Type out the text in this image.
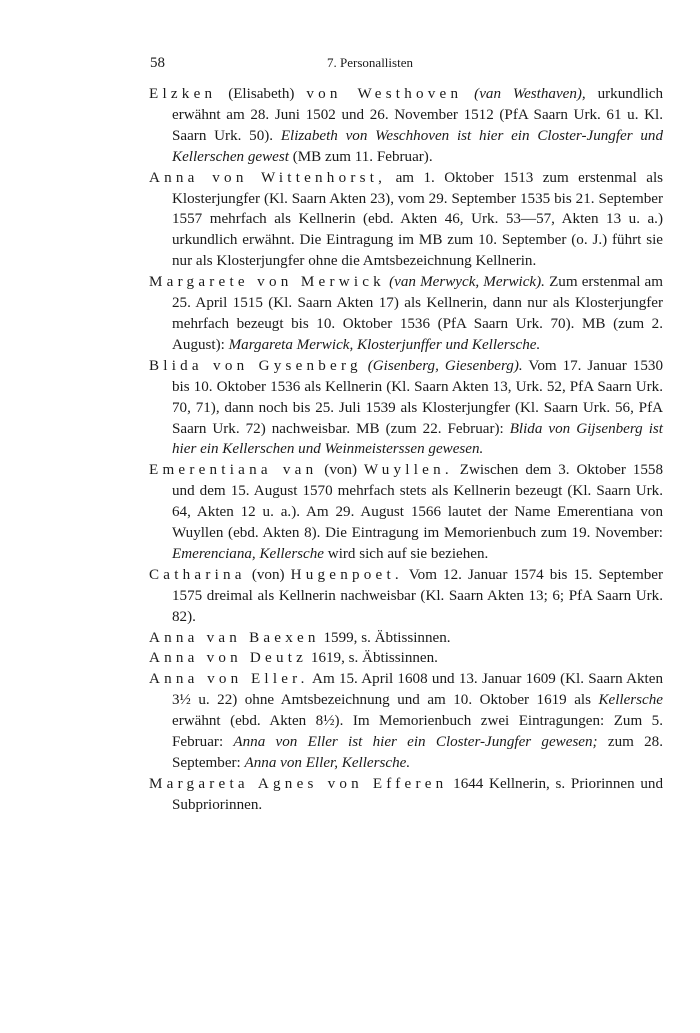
58	7. Personallisten

Elzken (Elisabeth) von Westhoven (van Westhaven), urkundlich erwähnt am 28. Juni 1502 und 26. November 1512 (PfA Saarn Urk. 61 u. Kl. Saarn Urk. 50). Elizabeth von Weschhoven ist hier ein Closter-Jungfer und Kellerschen gewest (MB zum 11. Februar).

Anna von Wittenhorst, am 1. Oktober 1513 zum erstenmal als Klosterjungfer (Kl. Saarn Akten 23), vom 29. September 1535 bis 21. September 1557 mehrfach als Kellnerin (ebd. Akten 46, Urk. 53—57, Akten 13 u. a.) urkundlich erwähnt. Die Eintragung im MB zum 10. September (o. J.) führt sie nur als Klosterjungfer ohne die Amtsbezeichnung Kellnerin.

Margarete von Merwick (van Merwyck, Merwick). Zum erstenmal am 25. April 1515 (Kl. Saarn Akten 17) als Kellnerin, dann nur als Klosterjungfer mehrfach bezeugt bis 10. Oktober 1536 (PfA Saarn Urk. 70). MB (zum 2. August): Margareta Merwick, Klosterjunffer und Kellersche.

Blida von Gysenberg (Gisenberg, Giesenberg). Vom 17. Januar 1530 bis 10. Oktober 1536 als Kellnerin (Kl. Saarn Akten 13, Urk. 52, PfA Saarn Urk. 70, 71), dann noch bis 25. Juli 1539 als Klosterjungfer (Kl. Saarn Urk. 56, PfA Saarn Urk. 72) nachweisbar. MB (zum 22. Februar): Blida von Gijsenberg ist hier ein Kellerschen und Weinmeisterssen gewesen.

Emerentiana van (von) Wuyllen. Zwischen dem 3. Oktober 1558 und dem 15. August 1570 mehrfach stets als Kellnerin bezeugt (Kl. Saarn Urk. 64, Akten 12 u. a.). Am 29. August 1566 lautet der Name Emerentiana von Wuyllen (ebd. Akten 8). Die Eintragung im Memorienbuch zum 19. November: Emerenciana, Kellersche wird sich auf sie beziehen.

Catharina (von) Hugenpoet. Vom 12. Januar 1574 bis 15. September 1575 dreimal als Kellnerin nachweisbar (Kl. Saarn Akten 13; 6; PfA Saarn Urk. 82).

Anna van Baexen 1599, s. Äbtissinnen.

Anna von Deutz 1619, s. Äbtissinnen.

Anna von Eller. Am 15. April 1608 und 13. Januar 1609 (Kl. Saarn Akten 3½ u. 22) ohne Amtsbezeichnung und am 10. Oktober 1619 als Kellersche erwähnt (ebd. Akten 8½). Im Memorienbuch zwei Eintragungen: Zum 5. Februar: Anna von Eller ist hier ein Closter-Jungfer gewesen; zum 28. September: Anna von Eller, Kellersche.

Margareta Agnes von Efferen 1644 Kellnerin, s. Priorinnen und Subpriorinnen.
